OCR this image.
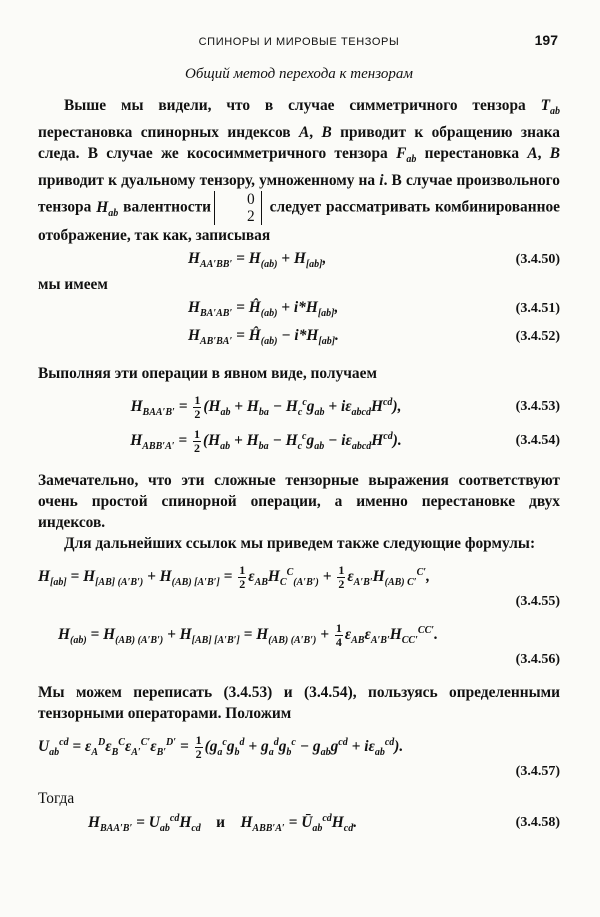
СПИНОРЫ И МИРОВЫЕ ТЕНЗОРЫ	197
Общий метод перехода к тензорам

Выше мы видели, что в случае симметричного тензора $T_{ab}$ перестановка спинорных индексов A, B приводит к обращению знака следа. В случае же кососимметричного тензора $F_{ab}$ перестановка A, B приводит к дуальному тензору, умноженному на i. В случае произвольного тензора $H_{ab}$ валентности	0
2
следует рассматривать комбинированное отображение, так как, записывая

$H_{AA'BB'} = H_{(ab)} + H_{[ab]}$,	(3.4.50)

мы имеем

$H_{BA'AB'}$ = $Ĥ_{(ab)} + i*H_{[ab]}$,	(3.4.51)
$H_{AB'BA'}$ = $Ĥ_{(ab)} - i*H_{[ab]}$.	(3.4.52)

Выполняя эти операции в явном виде, получаем

$H_{BAA'B'} = \frac{1}{2} (H_{ab} + H_{ba} - H_c^cg_{ab} + i\varepsilon_{abcd}H^{cd})$,	(3.4.53)
$H_{ABB'A'} = \frac{1}{2} (H_{ab} + H_{ba} - H_c^cg_{ab} - i\varepsilon_{abcd}H^{cd})$.	(3.4.54)

Замечательно, что эти сложные тензорные выражения соответствуют очень простой спинорной операции, а именно перестановке двух индексов.

Для дальнейших ссылок мы приведем также следующие формулы:

$H_{[ab]} = H_{[AB] (A'B')} + H_{(AB) [A'B']} = \frac{1}{2} \varepsilon_{AB}H_C^C_{(A'B')} + \frac{1}{2} \varepsilon_{A'B'}H_{(AB) C'}^{C'}$,
(3.4.55)
$H_{(ab)} = H_{(AB) (A'B')} + H_{[AB] [A'B']} = H_{(AB) (A'B')} + \frac{1}{4} \varepsilon_{AB}\varepsilon_{A'B'}H_{CC'}^{CC'}$.
(3.4.56)

Мы можем переписать (3.4.53) и (3.4.54), пользуясь определенными тензорными операторами. Положим

$U_{ab}^{cd} = \varepsilon_A^D\varepsilon_B^C\varepsilon_{A'}^{C'}\varepsilon_{B'}^{D'} = \frac{1}{2} (g_a^cg_b^d + g_a^dg_b^c - g_{ab}g^{cd} + i\varepsilon_{ab}^{cd})$.
(3.4.57)

Тогда

$H_{BAA'B'} = U_{ab}^{cd}H_{cd}$ и    $H_{ABB'A'}$ = $Ū_{ab}^{cd}H_{cd}$.	(3.4.58)
